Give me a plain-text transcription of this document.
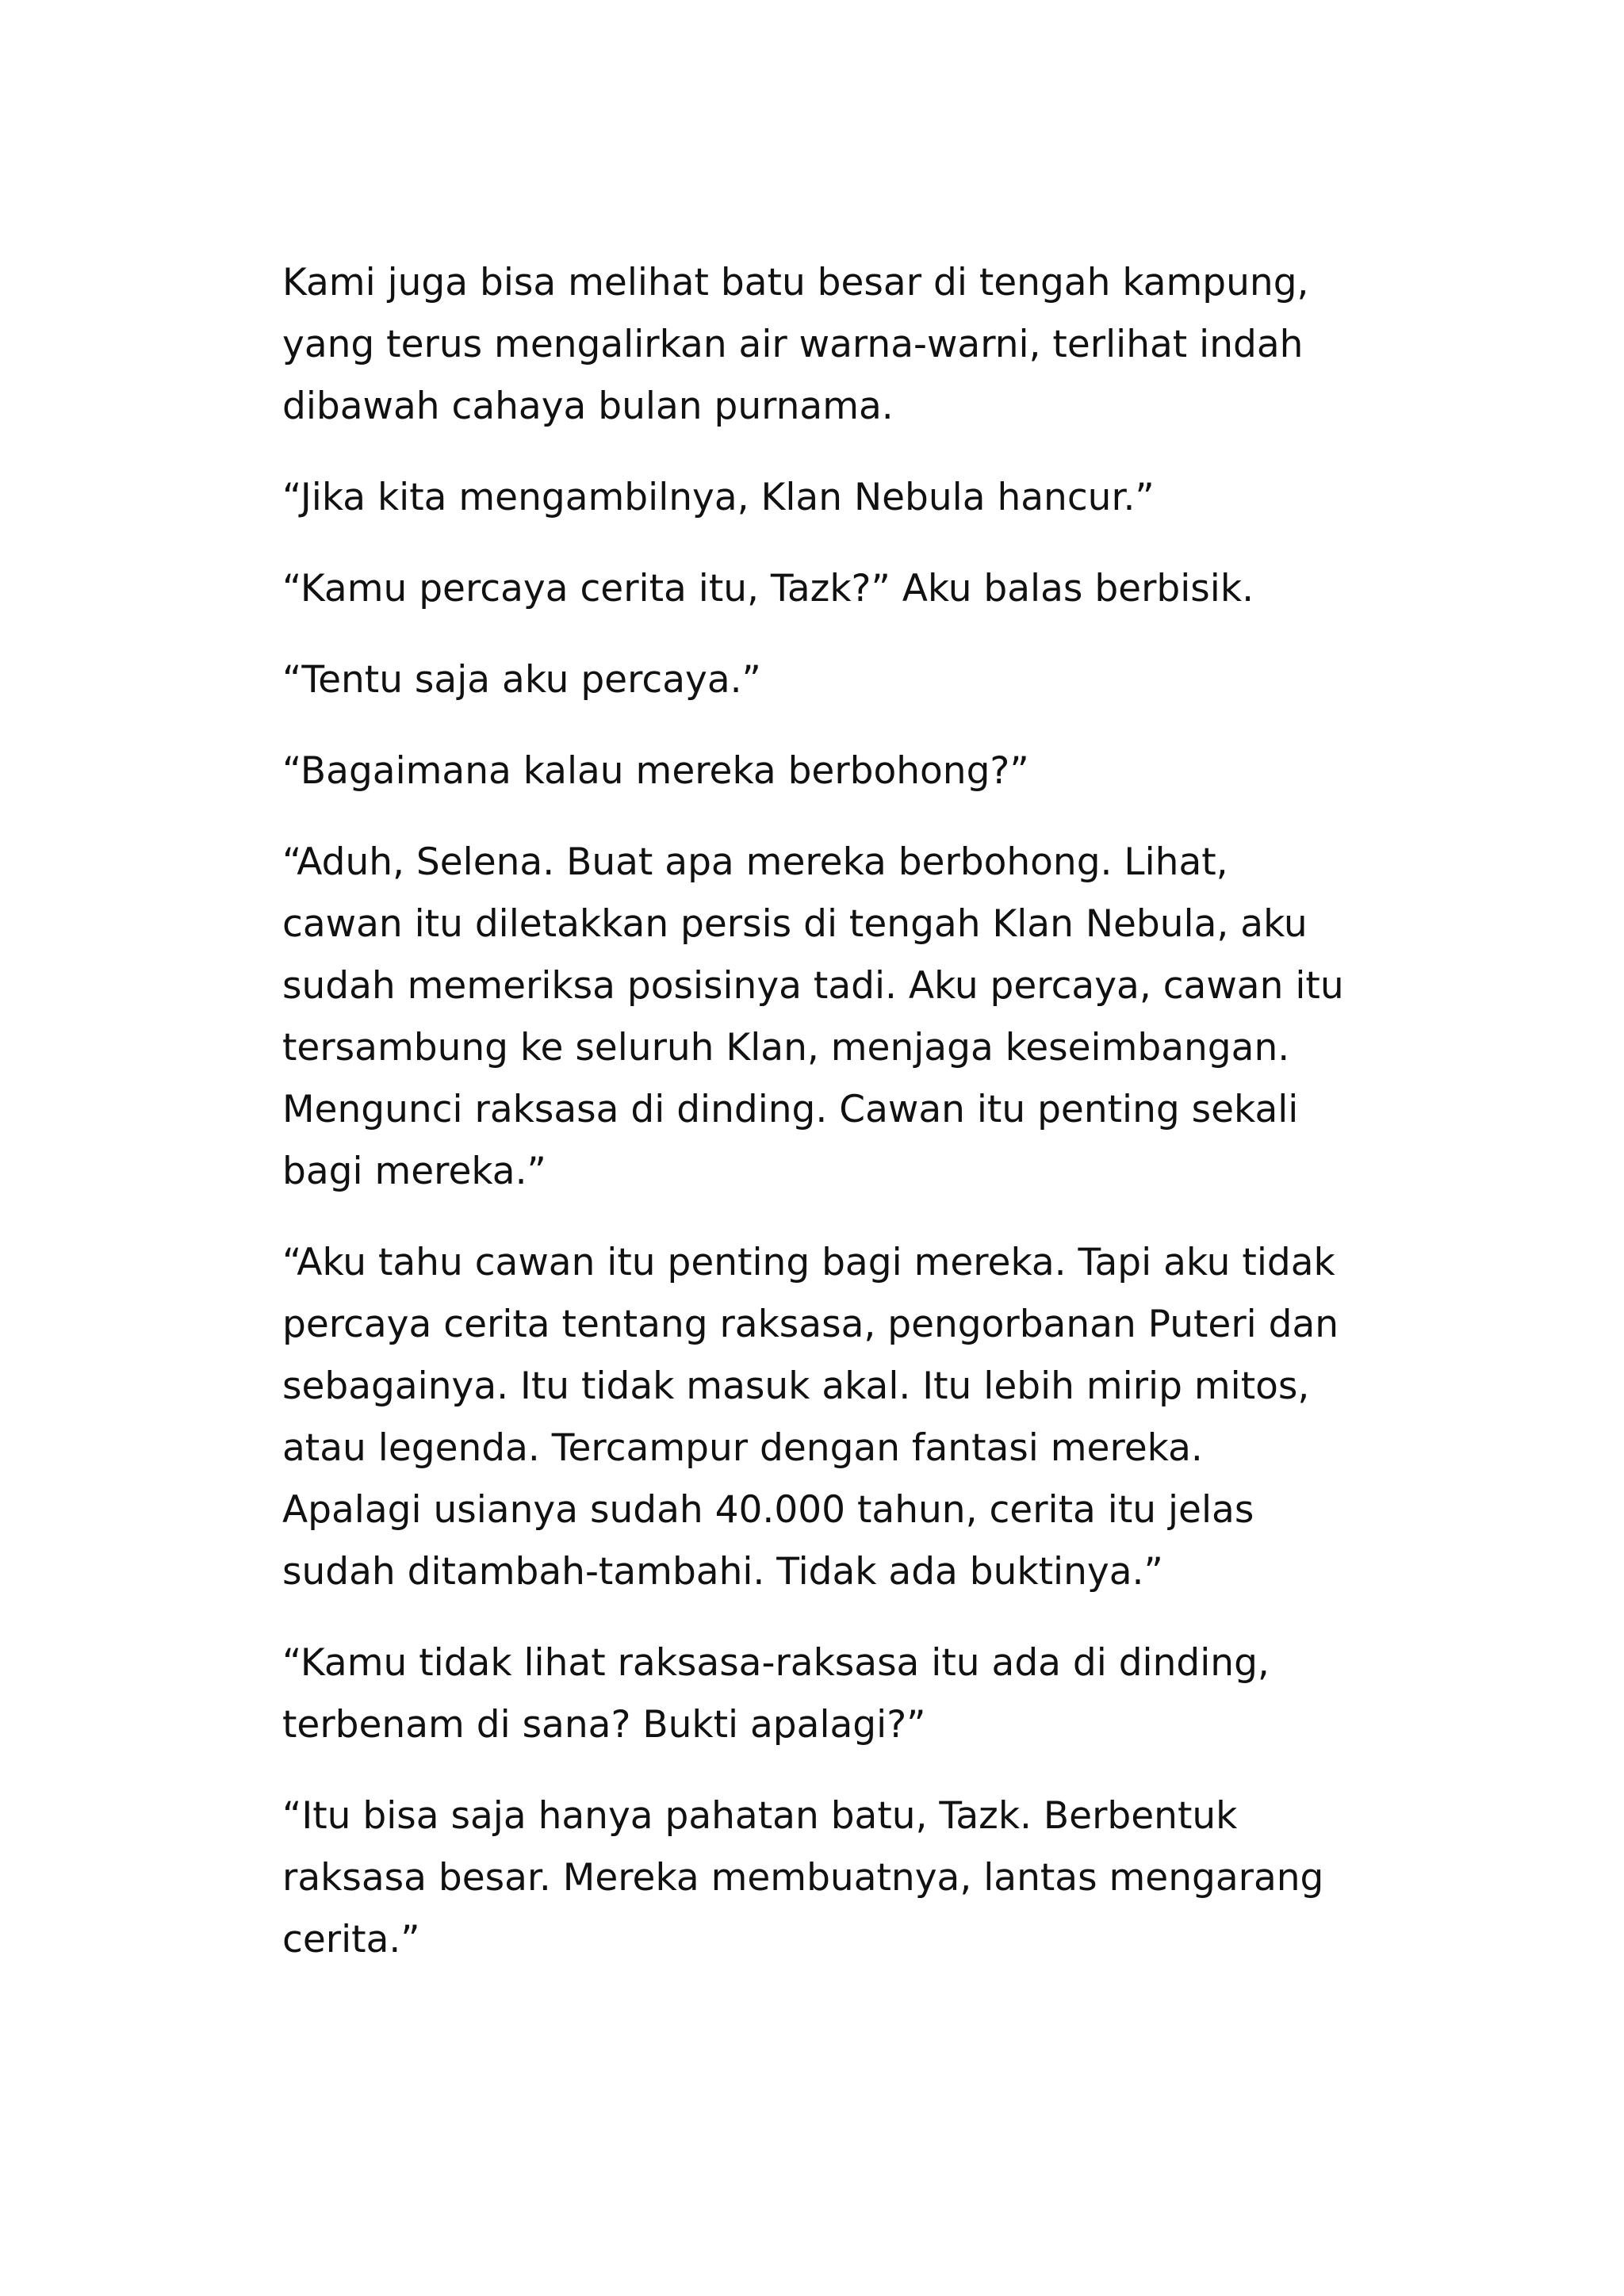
Kami juga bisa melihat batu besar di tengah kampung,
yang terus mengalirkan air warna-warni, terlihat indah
dibawah cahaya bulan purnama.

“Jika kita mengambilnya, Klan Nebula hancur.”

“Kamu percaya cerita itu, Tazk?” Aku balas berbisik.

“Tentu saja aku percaya.”

“Bagaimana kalau mereka berbohong?”

“Aduh, Selena. Buat apa mereka berbohong. Lihat,
cawan itu diletakkan persis di tengah Klan Nebula, aku
sudah memeriksa posisinya tadi. Aku percaya, cawan itu
tersambung ke seluruh Klan, menjaga keseimbangan.
Mengunci raksasa di dinding. Cawan itu penting sekali
bagi mereka.”

“Aku tahu cawan itu penting bagi mereka. Tapi aku tidak
percaya cerita tentang raksasa, pengorbanan Puteri dan
sebagainya. Itu tidak masuk akal. Itu lebih mirip mitos,
atau legenda. Tercampur dengan fantasi mereka.
Apalagi usianya sudah 40.000 tahun, cerita itu jelas
sudah ditambah-tambahi. Tidak ada buktinya.”

“Kamu tidak lihat raksasa-raksasa itu ada di dinding,
terbenam di sana? Bukti apalagi?”

“Itu bisa saja hanya pahatan batu, Tazk. Berbentuk
raksasa besar. Mereka membuatnya, lantas mengarang
cerita.”
